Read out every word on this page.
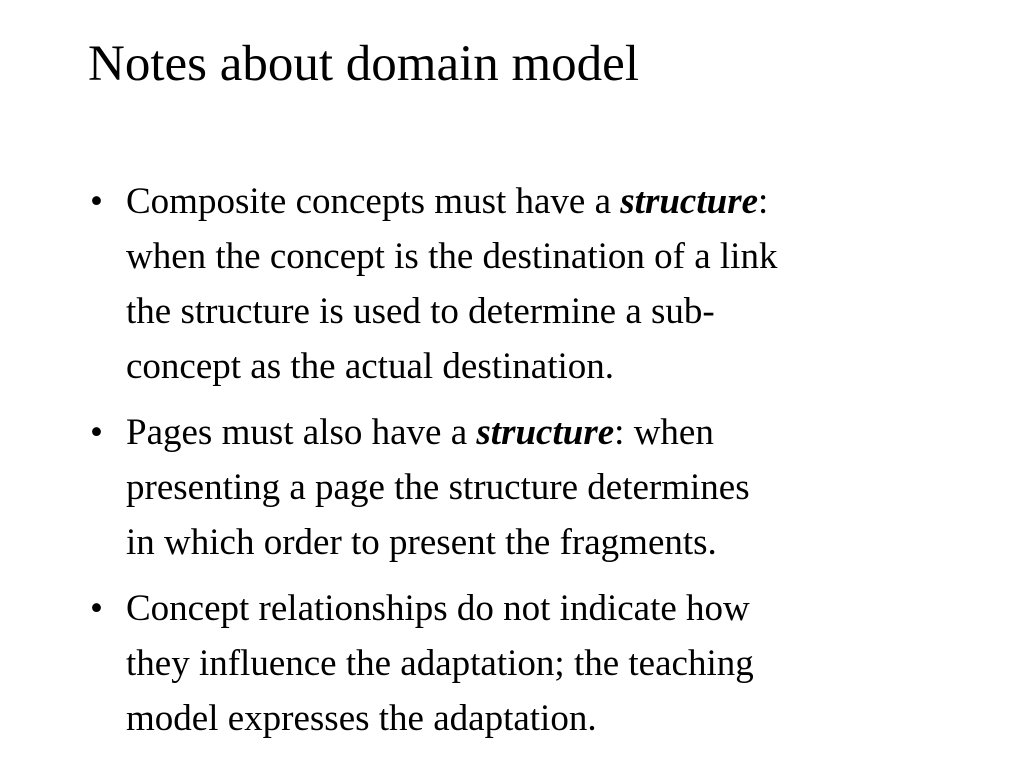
Notes about domain model
• Composite concepts must have a structure:
when the concept is the destination of a link
the structure is used to determine a sub-
concept as the actual destination.
• Pages must also have a structure: when
presenting a page the structure determines
in which order to present the fragments.
• Concept relationships do not indicate how
they influence the adaptation; the teaching
model expresses the adaptation.
